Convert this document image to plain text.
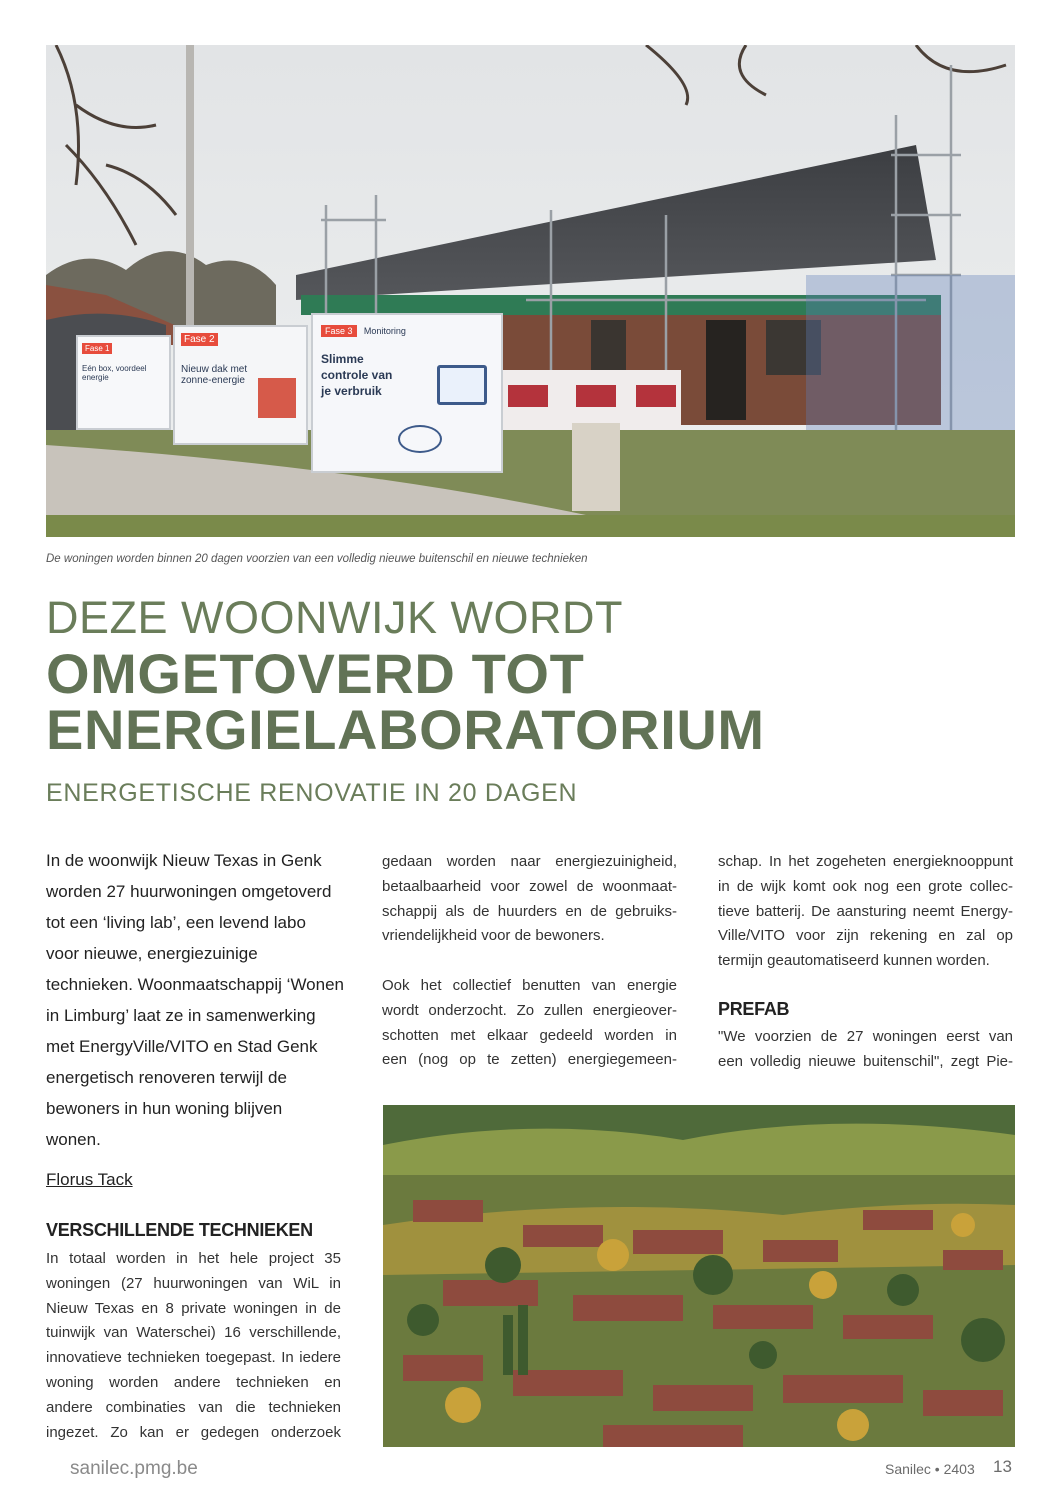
Fase 1
Eén box, voordeel energie
Fase 2
Nieuw dak met zonne-energie
Fase 3 Monitoring
Slimme controle van je verbruik
De woningen worden binnen 20 dagen voorzien van een volledig nieuwe buitenschil en nieuwe technieken
DEZE WOONWIJK WORDT
OMGETOVERD TOT
ENERGIELABORATORIUM
ENERGETISCHE RENOVATIE IN 20 DAGEN
In de woonwijk Nieuw Texas in Genk
worden 27 huurwoningen omgetoverd
tot een ‘living lab’, een levend labo
voor nieuwe, energiezuinige
technieken. Woonmaatschappij ‘Wonen
in Limburg’ laat ze in samenwerking
met EnergyVille/VITO en Stad Genk
energetisch renoveren terwijl de
bewoners in hun woning blijven
wonen.
Florus Tack
VERSCHILLENDE TECHNIEKEN
In totaal worden in het hele project 35
woningen (27 huurwoningen van WiL in
Nieuw Texas en 8 private woningen in de
tuinwijk van Waterschei) 16 verschillende,
innovatieve technieken toegepast. In iedere
woning worden andere technieken en
andere combinaties van die technieken
ingezet. Zo kan er gedegen onderzoek
gedaan worden naar energiezuinigheid,
betaalbaarheid voor zowel de woonmaat-
schappij als de huurders en de gebruiks-
vriendelijkheid voor de bewoners.
Ook het collectief benutten van energie
wordt onderzocht. Zo zullen energieover-
schotten met elkaar gedeeld worden in
een (nog op te zetten) energiegemeen-
schap. In het zogeheten energieknooppunt
in de wijk komt ook nog een grote collec-
tieve batterij. De aansturing neemt Energy-
Ville/VITO voor zijn rekening en zal op
termijn geautomatiseerd kunnen worden.
PREFAB
"We voorzien de 27 woningen eerst van
een volledig nieuwe buitenschil", zegt Pie-
sanilec.pmg.be	Sanilec • 2403 13
